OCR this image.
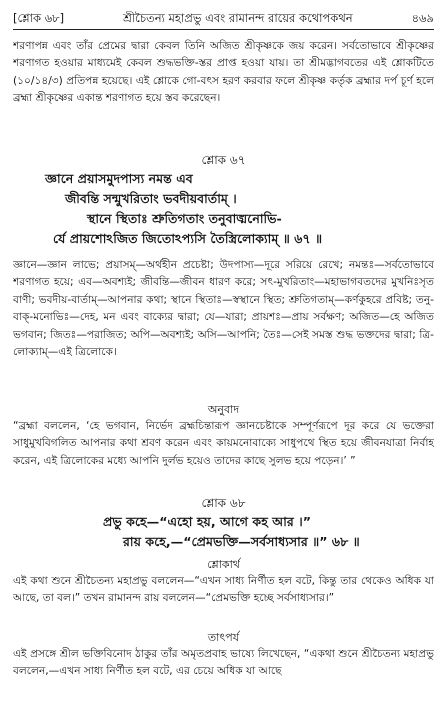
[শ্লোক ৬৮]	শ্রীচৈতন্য মহাপ্রভু এবং রামানন্দ রায়ের কথোপকথন	৪৬৯

শরণাপন্ন এবং তাঁর প্রেমের দ্বারা কেবল তিনি অজিত শ্রীকৃষ্ণকে জয় করেন। সর্বতোভাবে শ্রীকৃষ্ণের শরণাগত হওয়ার মাধ্যমেই কেবল শুদ্ধভক্তি-স্তর প্রাপ্ত হওয়া যায়। তা শ্রীমদ্ভাগবতের এই শ্লোকটিতে (১০/১৪/৩) প্রতিপন্ন হয়েছে। এই শ্লোকে গো-বৎস হরণ করবার ফলে শ্রীকৃষ্ণ কর্তৃক ব্রহ্মার দর্প চূর্ণ হলে ব্রহ্মা শ্রীকৃষ্ণের একান্ত শরণাগত হয়ে স্তব করেছেন।

শ্লোক ৬৭
জ্ঞানে প্রয়াসমুদপাস্য নমন্ত এব
জীবন্তি সন্মুখরিতাং ভবদীয়বার্তাম্ ।
স্থানে স্থিতাঃ শ্রুতিগতাং তনুবাঙ্মনোভি-
র্যে প্রায়শোঽজিত জিতোঽপ্যসি তৈস্ত্রিলোক্যাম্ ॥ ৬৭ ॥

জ্ঞানে—জ্ঞান লাভে; প্রয়াসম্—অর্থহীন প্রচেষ্টা; উদপাস্য—দূরে সরিয়ে রেখে; নমন্তঃ—সর্বতোভাবে শরণাগত হয়ে; এব—অবশ্যই; জীবন্তি—জীবন ধারণ করে; সৎ-মুখরিতাং—মহাভাগবতদের মুখনিঃসৃত বাণী; ভবদীয়-বার্তাম্—আপনার কথা; স্থানে স্থিতাঃ—স্বস্থানে স্থিত; শ্রুতিগতাম্—কর্ণকুহরে প্রবিষ্ট; তনু-বাক্-মনোভিঃ—দেহ, মন এবং বাক্যের দ্বারা; যে—যারা; প্রায়শঃ—প্রায় সর্বক্ষণ; অজিত—হে অজিত ভগবান; জিতঃ—পরাজিত; অপি—অবশ্যই; অসি—আপনি; তৈঃ—সেই সমস্ত শুদ্ধ ভক্তদের দ্বারা; ত্রি-লোক্যাম্—এই ত্রিলোকে।

অনুবাদ

“ব্রহ্মা বললেন, ‘হে ভগবান, নির্ভেদ ব্রহ্মচিন্তারূপ জ্ঞানচেষ্টাকে সম্পূর্ণরূপে দূর করে যে ভক্তেরা সাধুমুখবিগলিত আপনার কথা শ্রবণ করেন এবং কায়মনোবাক্যে সাধুপথে স্থিত হয়ে জীবনযাত্রা নির্বাহ করেন, এই ত্রিলোকের মধ্যে আপনি দুর্লভ হয়েও তাদের কাছে সুলভ হয়ে পড়েন।’ ”

শ্লোক ৬৮
প্রভু কহে—“এহো হয়, আগে কহ আর ।”
রায় কহে,—“প্রেমভক্তি—সর্বসাধ্যসার ॥” ৬৮ ॥
শ্লোকার্থ

এই কথা শুনে শ্রীচৈতন্য মহাপ্রভু বললেন—“এখন সাধ্য নির্ণীত হল বটে, কিন্তু তার থেকেও অধিক যা আছে, তা বল।” তখন রামানন্দ রায় বললেন—“প্রেমভক্তি হচ্ছে সর্বসাধ্যসার।”

তাৎপর্য

এই প্রসঙ্গে শ্রীল ভক্তিবিনোদ ঠাকুর তাঁর অমৃতপ্রবাহ ভাষ্যে লিখেছেন, “একথা শুনে শ্রীচৈতন্য মহাপ্রভু বললেন,—এখন সাধ্য নির্ণীত হল বটে, এর চেয়ে অধিক যা আছে
